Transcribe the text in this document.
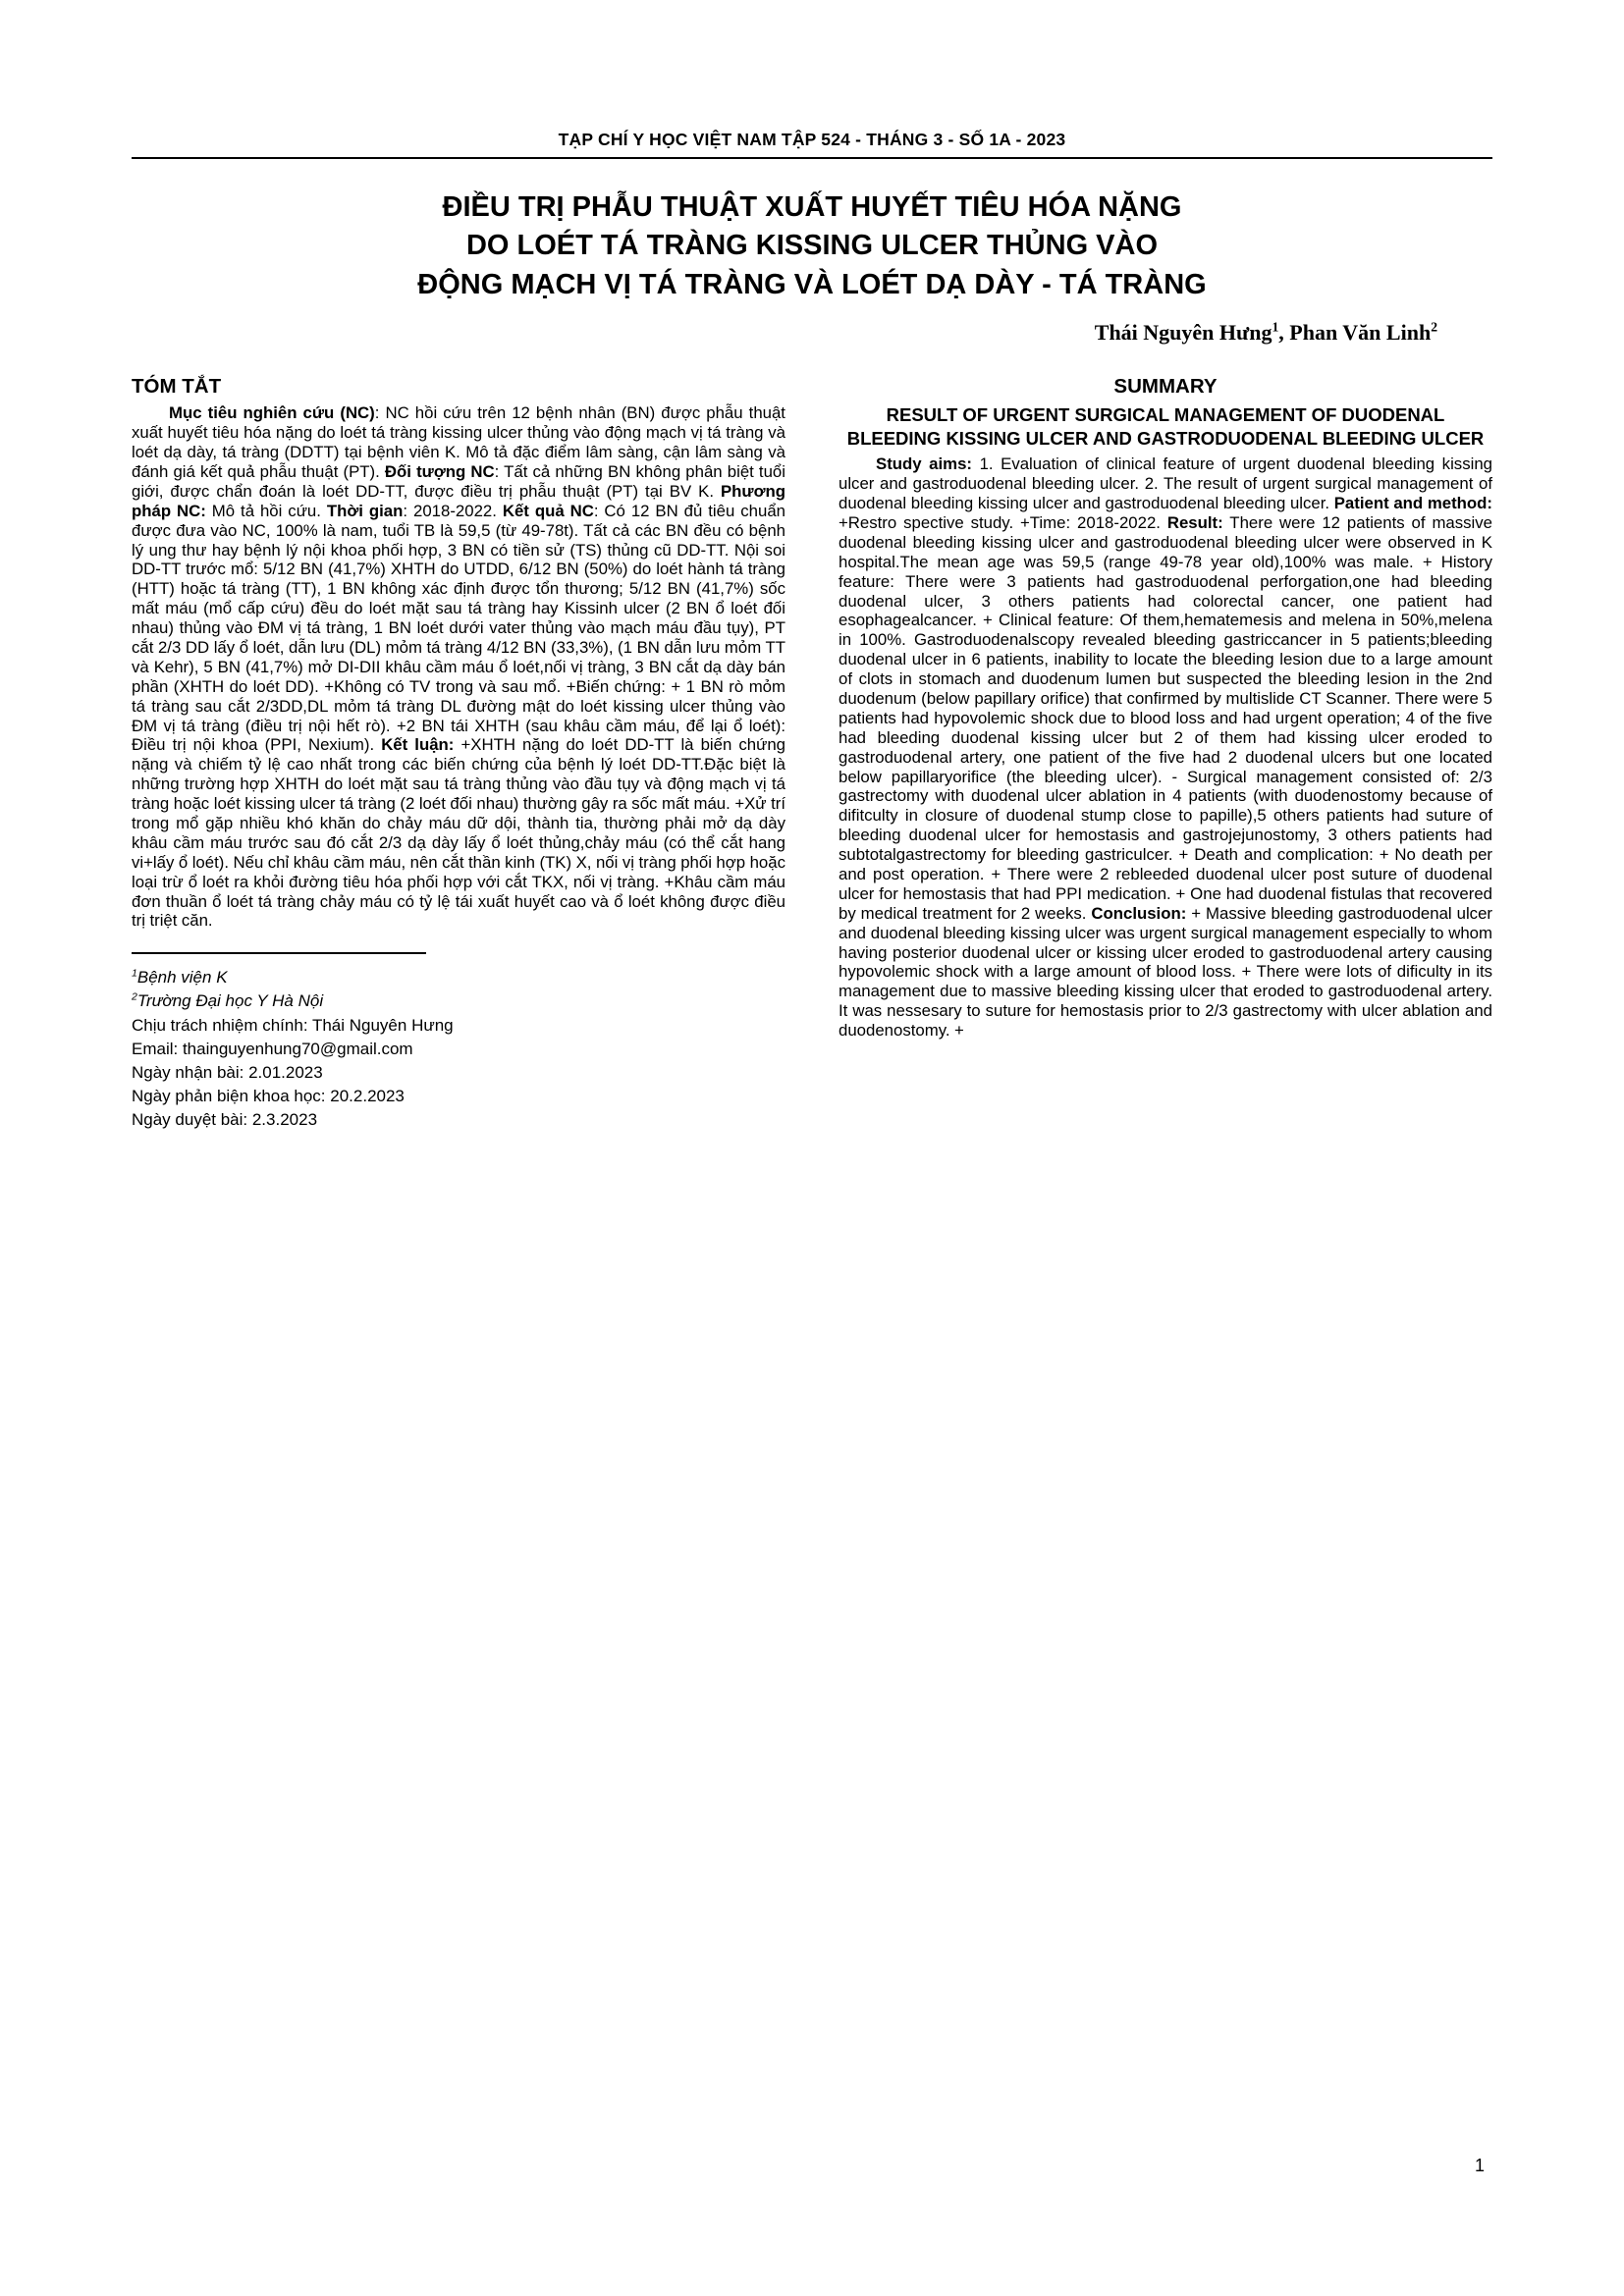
TẠP CHÍ Y HỌC VIỆT NAM TẬP 524 - THÁNG 3 - SỐ 1A - 2023
ĐIỀU TRỊ PHẪU THUẬT XUẤT HUYẾT TIÊU HÓA NẶNG
DO LOÉT TÁ TRÀNG KISSING ULCER THỦNG VÀO
ĐỘNG MẠCH VỊ TÁ TRÀNG VÀ LOÉT DẠ DÀY - TÁ TRÀNG
Thái Nguyên Hưng$^1$, Phan Văn Linh$^2$
TÓM TẮT
Mục tiêu nghiên cứu (NC): NC hồi cứu trên 12 bệnh nhân (BN) được phẫu thuật xuất huyết tiêu hóa nặng do loét tá tràng kissing ulcer thủng vào động mạch vị tá tràng và loét dạ dày, tá tràng (DDTT) tại bệnh viên K. Mô tả đặc điểm lâm sàng, cận lâm sàng và đánh giá kết quả phẫu thuật (PT). Đối tượng NC: Tất cả những BN không phân biệt tuổi giới, được chẩn đoán là loét DD-TT, được điều trị phẫu thuật (PT) tại BV K. Phương pháp NC: Mô tả hồi cứu. Thời gian: 2018-2022. Kết quả NC: Có 12 BN đủ tiêu chuẩn được đưa vào NC, 100% là nam, tuổi TB là 59,5 (từ 49-78t). Tất cả các BN đều có bệnh lý ung thư hay bệnh lý nội khoa phối hợp, 3 BN có tiền sử (TS) thủng cũ DD-TT. Nội soi DD-TT trước mổ: 5/12 BN (41,7%) XHTH do UTDD, 6/12 BN (50%) do loét hành tá tràng (HTT) hoặc tá tràng (TT), 1 BN không xác định được tổn thương; 5/12 BN (41,7%) sốc mất máu (mổ cấp cứu) đều do loét mặt sau tá tràng hay Kissinh ulcer (2 BN ổ loét đối nhau) thủng vào ĐM vị tá tràng, 1 BN loét dưới vater thủng vào mạch máu đầu tụy), PT cắt 2/3 DD lấy ổ loét, dẫn lưu (DL) mỏm tá tràng 4/12 BN (33,3%), (1 BN dẫn lưu mỏm TT và Kehr), 5 BN (41,7%) mở DI-DII khâu cầm máu ổ loét,nối vị tràng, 3 BN cắt dạ dày bán phần (XHTH do loét DD). +Không có TV trong và sau mổ. +Biến chứng: + 1 BN rò mỏm tá tràng sau cắt 2/3DD,DL mỏm tá tràng DL đường mật do loét kissing ulcer thủng vào ĐM vị tá tràng (điều trị nội hết rò). +2 BN tái XHTH (sau khâu cầm máu, để lại ổ loét): Điều trị nội khoa (PPI, Nexium). Kết luận: +XHTH nặng do loét DD-TT là biến chứng nặng và chiếm tỷ lệ cao nhất trong các biến chứng của bệnh lý loét DD-TT.Đặc biệt là những trường hợp XHTH do loét mặt sau tá tràng thủng vào đầu tụy và động mạch vị tá tràng hoặc loét kissing ulcer tá tràng (2 loét đối nhau) thường gây ra sốc mất máu. +Xử trí trong mổ gặp nhiều khó khăn do chảy máu dữ dội, thành tia, thường phải mở dạ dày khâu cầm máu trước sau đó cắt 2/3 dạ dày lấy ổ loét thủng,chảy máu (có thể cắt hang vi+lấy ổ loét). Nếu chỉ khâu cầm máu, nên cắt thần kinh (TK) X, nối vị tràng phối hợp hoặc loại trừ ổ loét ra khỏi đường tiêu hóa phối hợp với cắt TKX, nối vị tràng. +Khâu cầm máu đơn thuần ổ loét tá tràng chảy máu có tỷ lệ tái xuất huyết cao và ổ loét không được điều trị triệt căn.
$^1$Bệnh viện K
$^2$Trường Đại học Y Hà Nội
Chịu trách nhiệm chính: Thái Nguyên Hưng
Email: thainguyenhung70@gmail.com
Ngày nhận bài: 2.01.2023
Ngày phản biện khoa học: 20.2.2023
Ngày duyệt bài: 2.3.2023
SUMMARY
RESULT OF URGENT SURGICAL MANAGEMENT OF DUODENAL BLEEDING KISSING ULCER AND GASTRODUODENAL BLEEDING ULCER
Study aims: 1. Evaluation of clinical feature of urgent duodenal bleeding kissing ulcer and gastroduodenal bleeding ulcer. 2. The result of urgent surgical management of duodenal bleeding kissing ulcer and gastroduodenal bleeding ulcer. Patient and method: +Restro spective study. +Time: 2018-2022. Result: There were 12 patients of massive duodenal bleeding kissing ulcer and gastroduodenal bleeding ulcer were observed in K hospital.The mean age was 59,5 (range 49-78 year old),100% was male. + History feature: There were 3 patients had gastroduodenal perforgation,one had bleeding duodenal ulcer, 3 others patients had colorectal cancer, one patient had esophagealcancer. + Clinical feature: Of them,hematemesis and melena in 50%,melena in 100%. Gastroduodenalscopy revealed bleeding gastriccancer in 5 patients;bleeding duodenal ulcer in 6 patients, inability to locate the bleeding lesion due to a large amount of clots in stomach and duodenum lumen but suspected the bleeding lesion in the 2nd duodenum (below papillary orifice) that confirmed by multislide CT Scanner. There were 5 patients had hypovolemic shock due to blood loss and had urgent operation; 4 of the five had bleeding duodenal kissing ulcer but 2 of them had kissing ulcer eroded to gastroduodenal artery, one patient of the five had 2 duodenal ulcers but one located below papillaryorifice (the bleeding ulcer). - Surgical management consisted of: 2/3 gastrectomy with duodenal ulcer ablation in 4 patients (with duodenostomy because of difitculty in closure of duodenal stump close to papille),5 others patients had suture of bleeding duodenal ulcer for hemostasis and gastrojejunostomy, 3 others patients had subtotalgastrectomy for bleeding gastriculcer. + Death and complication: + No death per and post operation. + There were 2 rebleeded duodenal ulcer post suture of duodenal ulcer for hemostasis that had PPI medication. + One had duodenal fistulas that recovered by medical treatment for 2 weeks. Conclusion: + Massive bleeding gastroduodenal ulcer and duodenal bleeding kissing ulcer was urgent surgical management especially to whom having posterior duodenal ulcer or kissing ulcer eroded to gastroduodenal artery causing hypovolemic shock with a large amount of blood loss. + There were lots of dificulty in its management due to massive bleeding kissing ulcer that eroded to gastroduodenal artery. It was nessesary to suture for hemostasis prior to 2/3 gastrectomy with ulcer ablation and duodenostomy. +
1
